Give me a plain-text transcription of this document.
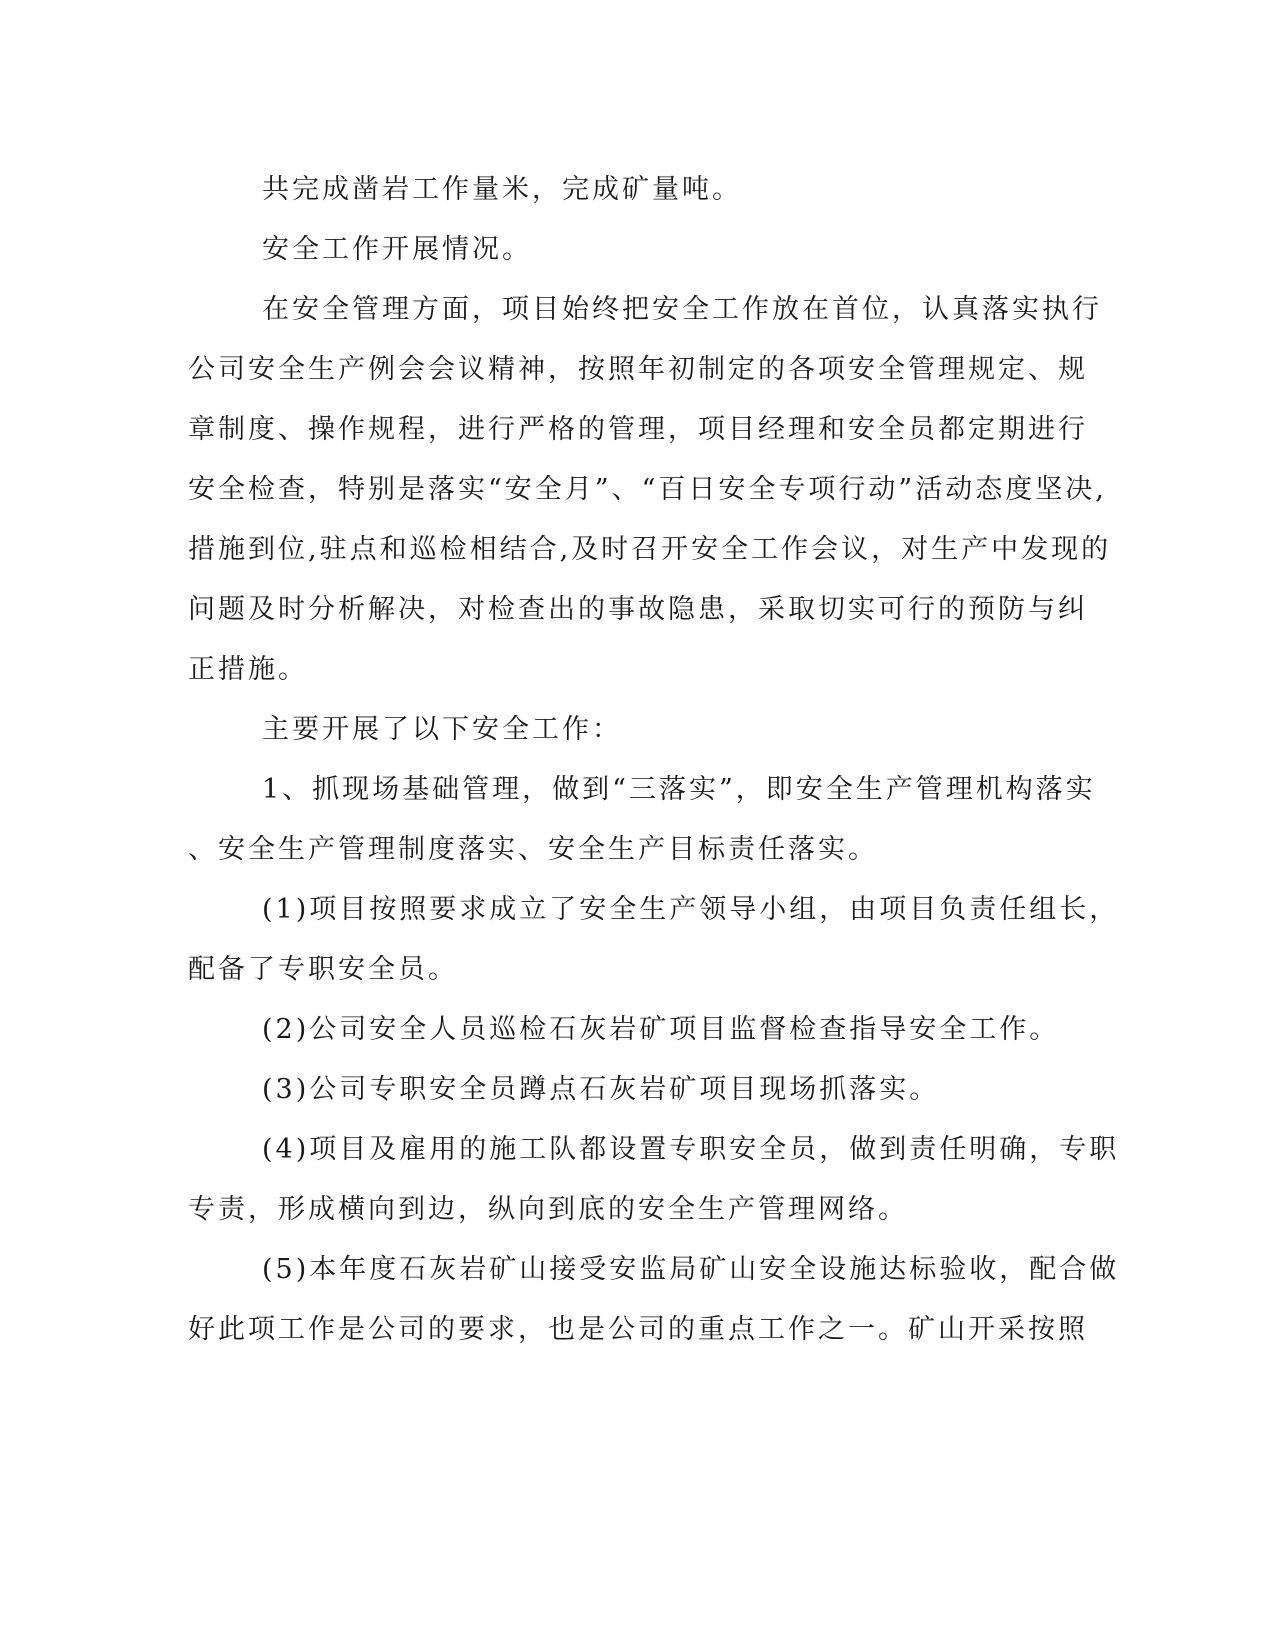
共完成凿岩工作量米，完成矿量吨。
安全工作开展情况。
在安全管理方面，项目始终把安全工作放在首位，认真落实执行
公司安全生产例会会议精神，按照年初制定的各项安全管理规定、规
章制度、操作规程，进行严格的管理，项目经理和安全员都定期进行
安全检查，特别是落实“安全月”、“百日安全专项行动”活动态度坚决,
措施到位,驻点和巡检相结合,及时召开安全工作会议，对生产中发现的
问题及时分析解决，对检查出的事故隐患，采取切实可行的预防与纠
正措施。
主要开展了以下安全工作：
1、抓现场基础管理，做到“三落实”，即安全生产管理机构落实
、安全生产管理制度落实、安全生产目标责任落实。
(1)项目按照要求成立了安全生产领导小组，由项目负责任组长，
配备了专职安全员。
(2)公司安全人员巡检石灰岩矿项目监督检查指导安全工作。
(3)公司专职安全员蹲点石灰岩矿项目现场抓落实。
(4)项目及雇用的施工队都设置专职安全员，做到责任明确，专职
专责，形成横向到边，纵向到底的安全生产管理网络。
(5)本年度石灰岩矿山接受安监局矿山安全设施达标验收，配合做
好此项工作是公司的要求，也是公司的重点工作之一。矿山开采按照
